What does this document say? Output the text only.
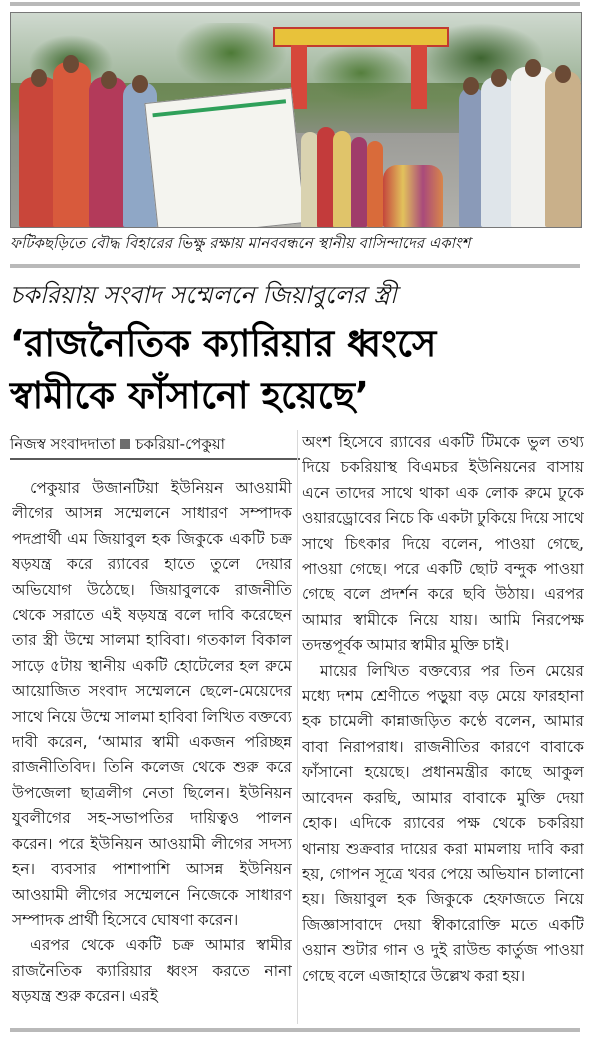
ফটিকছড়িতে বৌদ্ধ বিহারের ভিক্ষু রক্ষায় মানববন্ধনে স্থানীয় বাসিন্দাদের একাংশ
চকরিয়ায় সংবাদ সম্মেলনে জিয়াবুলের স্ত্রী
‘রাজনৈতিক ক্যারিয়ার ধ্বংসে
স্বামীকে ফাঁসানো হয়েছে’
নিজস্ব সংবাদদাতা চকরিয়া-পেকুয়া

পেকুয়ার উজানটিয়া ইউনিয়ন আওয়ামী লীগের আসন্ন সম্মেলনে সাধারণ সম্পাদক পদপ্রার্থী এম জিয়াবুল হক জিকুকে একটি চক্র ষড়যন্ত্র করে র‍্যাবের হাতে তুলে দেয়ার অভিযোগ উঠেছে। জিয়াবুলকে রাজনীতি থেকে সরাতে এই ষড়যন্ত্র বলে দাবি করেছেন তার স্ত্রী উম্মে সালমা হাবিবা। গতকাল বিকাল সাড়ে ৫টায় স্থানীয় একটি হোটেলের হল রুমে আয়োজিত সংবাদ সম্মেলনে ছেলে-মেয়েদের সাথে নিয়ে উম্মে সালমা হাবিবা লিখিত বক্তব্যে দাবী করেন, ‘আমার স্বামী একজন পরিচ্ছন্ন রাজনীতিবিদ। তিনি কলেজ থেকে শুরু করে উপজেলা ছাত্রলীগ নেতা ছিলেন। ইউনিয়ন যুবলীগের সহ-সভাপতির দায়িত্বও পালন করেন। পরে ইউনিয়ন আওয়ামী লীগের সদস্য হন। ব্যবসার পাশাপাশি আসন্ন ইউনিয়ন আওয়ামী লীগের সম্মেলনে নিজেকে সাধারণ সম্পাদক প্রার্থী হিসেবে ঘোষণা করেন।

এরপর থেকে একটি চক্র আমার স্বামীর রাজনৈতিক ক্যারিয়ার ধ্বংস করতে নানা ষড়যন্ত্র শুরু করেন। এরই

অংশ হিসেবে র‍্যাবের একটি টিমকে ভুল তথ্য দিয়ে চকরিয়াস্থ বিএমচর ইউনিয়নের বাসায় এনে তাদের সাথে থাকা এক লোক রুমে ঢুকে ওয়ারড্রোবের নিচে কি একটা ঢুকিয়ে দিয়ে সাথে সাথে চিৎকার দিয়ে বলেন, পাওয়া গেছে, পাওয়া গেছে। পরে একটি ছোট বন্দুক পাওয়া গেছে বলে প্রদর্শন করে ছবি উঠায়। এরপর আমার স্বামীকে নিয়ে যায়। আমি নিরপেক্ষ তদন্তপূর্বক আমার স্বামীর মুক্তি চাই।

মায়ের লিখিত বক্তব্যের পর তিন মেয়ের মধ্যে দশম শ্রেণীতে পড়ুয়া বড় মেয়ে ফারহানা হক চামেলী কান্নাজড়িত কণ্ঠে বলেন, আমার বাবা নিরাপরাধ। রাজনীতির কারণে বাবাকে ফাঁসানো হয়েছে। প্রধানমন্ত্রীর কাছে আকুল আবেদন করছি, আমার বাবাকে মুক্তি দেয়া হোক। এদিকে র‍্যাবের পক্ষ থেকে চকরিয়া থানায় শুক্রবার দায়ের করা মামলায় দাবি করা হয়, গোপন সূত্রে খবর পেয়ে অভিযান চালানো হয়। জিয়াবুল হক জিকুকে হেফাজতে নিয়ে জিজ্ঞাসাবাদে দেয়া স্বীকারোক্তি মতে একটি ওয়ান শুটার গান ও দুই রাউন্ড কার্তুজ পাওয়া গেছে বলে এজাহারে উল্লেখ করা হয়।
